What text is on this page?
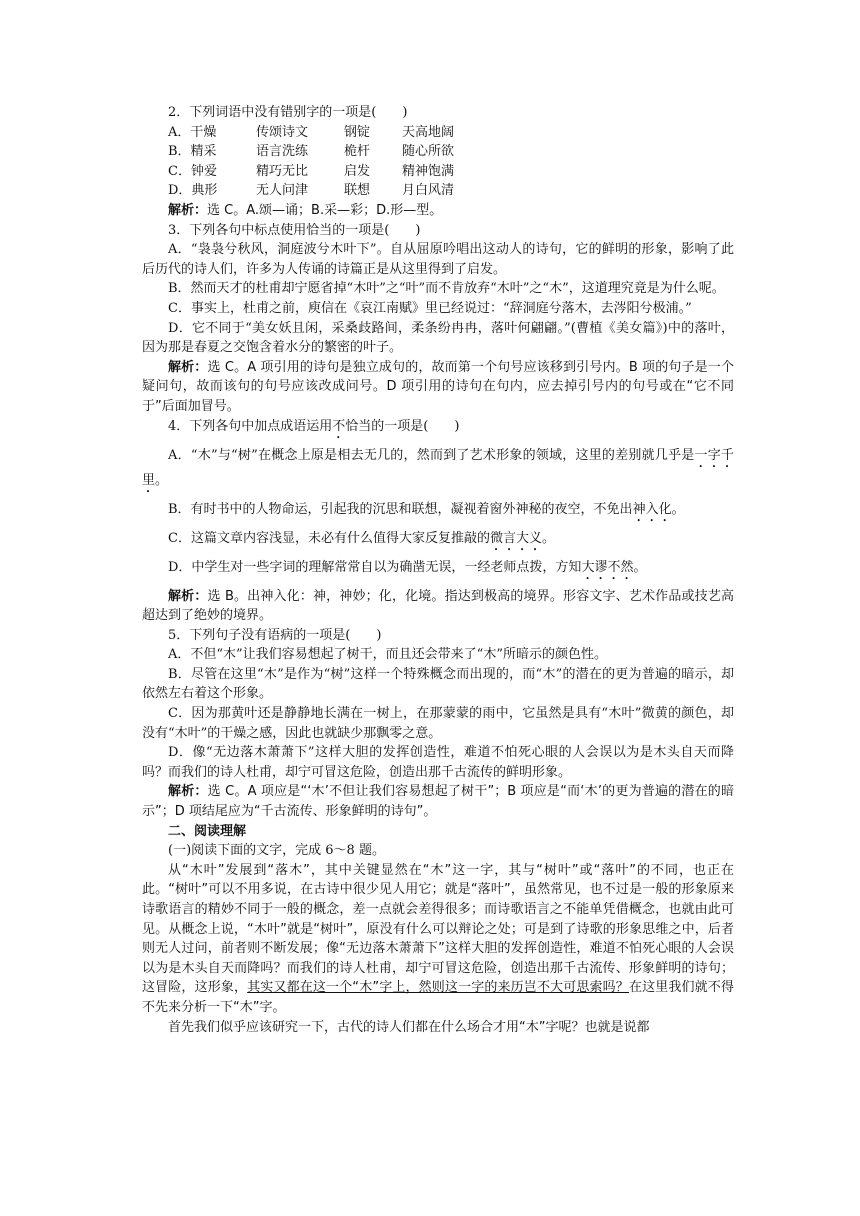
2．下列词语中没有错别字的一项是(　　)

A．干燥	传颂诗文	钢锭 天高地阔
B．精采	语言洗练	桅杆 随心所欲
C．钟爱	精巧无比	启发 精神饱满
D．典形	无人问津	联想 月白风清

解析：选 C。A.颂—诵；B.采—彩；D.形—型。

3．下列各句中标点使用恰当的一项是(　　)

A．“袅袅兮秋风，洞庭波兮木叶下”。自从屈原吟唱出这动人的诗句，它的鲜明的形象，影响了此后历代的诗人们，许多为人传诵的诗篇正是从这里得到了启发。

B．然而天才的杜甫却宁愿省掉“木叶”之“叶”而不肯放弃“木叶”之“木”，这道理究竟是为什么呢。

C．事实上，杜甫之前，庾信在《哀江南赋》里已经说过：“辞洞庭兮落木，去涔阳兮极浦。”

D．它不同于“美女妖且闲，采桑歧路间，柔条纷冉冉，落叶何翩翩。”(曹植《美女篇》)中的落叶，因为那是春夏之交饱含着水分的繁密的叶子。

解析：选 C。A 项引用的诗句是独立成句的，故而第一个句号应该移到引号内。B 项的句子是一个疑问句，故而该句的句号应该改成问号。D 项引用的诗句在句内，应去掉引号内的句号或在“它不同于”后面加冒号。

4．下列各句中加点成语运用不恰当的一项是(　　)

A．“木”与“树”在概念上原是相去无几的，然而到了艺术形象的领域，这里的差别就几乎是一字千里。

B．有时书中的人物命运，引起我的沉思和联想，凝视着窗外神秘的夜空，不免出神入化。

C．这篇文章内容浅显，未必有什么值得大家反复推敲的微言大义。

D．中学生对一些字词的理解常常自以为确凿无误，一经老师点拨，方知大谬不然。

解析：选 B。出神入化：神，神妙；化，化境。指达到极高的境界。形容文字、艺术作品或技艺高超达到了绝妙的境界。

5．下列句子没有语病的一项是(　　)

A．不但“木”让我们容易想起了树干，而且还会带来了“木”所暗示的颜色性。

B．尽管在这里“木”是作为“树”这样一个特殊概念而出现的，而“木”的潜在的更为普遍的暗示，却依然左右着这个形象。

C．因为那黄叶还是静静地长满在一树上，在那蒙蒙的雨中，它虽然是具有“木叶”微黄的颜色，却没有“木叶”的干燥之感，因此也就缺少那飘零之意。

D．像“无边落木萧萧下”这样大胆的发挥创造性，难道不怕死心眼的人会误以为是木头自天而降吗？而我们的诗人杜甫，却宁可冒这危险，创造出那千古流传的鲜明形象。

解析：选 C。A 项应是“‘木’不但让我们容易想起了树干”；B 项应是“而‘木’的更为普遍的潜在的暗示”；D 项结尾应为“千古流传、形象鲜明的诗句”。

二、阅读理解

(一)阅读下面的文字，完成 6～8 题。

从“木叶”发展到“落木”，其中关键显然在“木”这一字，其与“树叶”或“落叶”的不同，也正在此。“树叶”可以不用多说，在古诗中很少见人用它；就是“落叶”，虽然常见，也不过是一般的形象原来诗歌语言的精妙不同于一般的概念，差一点就会差得很多；而诗歌语言之不能单凭借概念，也就由此可见。从概念上说，“木叶”就是“树叶”，原没有什么可以辩论之处；可是到了诗歌的形象思维之中，后者则无人过问，前者则不断发展；像“无边落木萧萧下”这样大胆的发挥创造性，难道不怕死心眼的人会误以为是木头自天而降吗？而我们的诗人杜甫，却宁可冒这危险，创造出那千古流传、形象鲜明的诗句；这冒险，这形象，其实又都在这一个“木”字上，然则这一字的来历岂不大可思索吗？在这里我们就不得不先来分析一下“木”字。

首先我们似乎应该研究一下，古代的诗人们都在什么场合才用“木”字呢？也就是说都
